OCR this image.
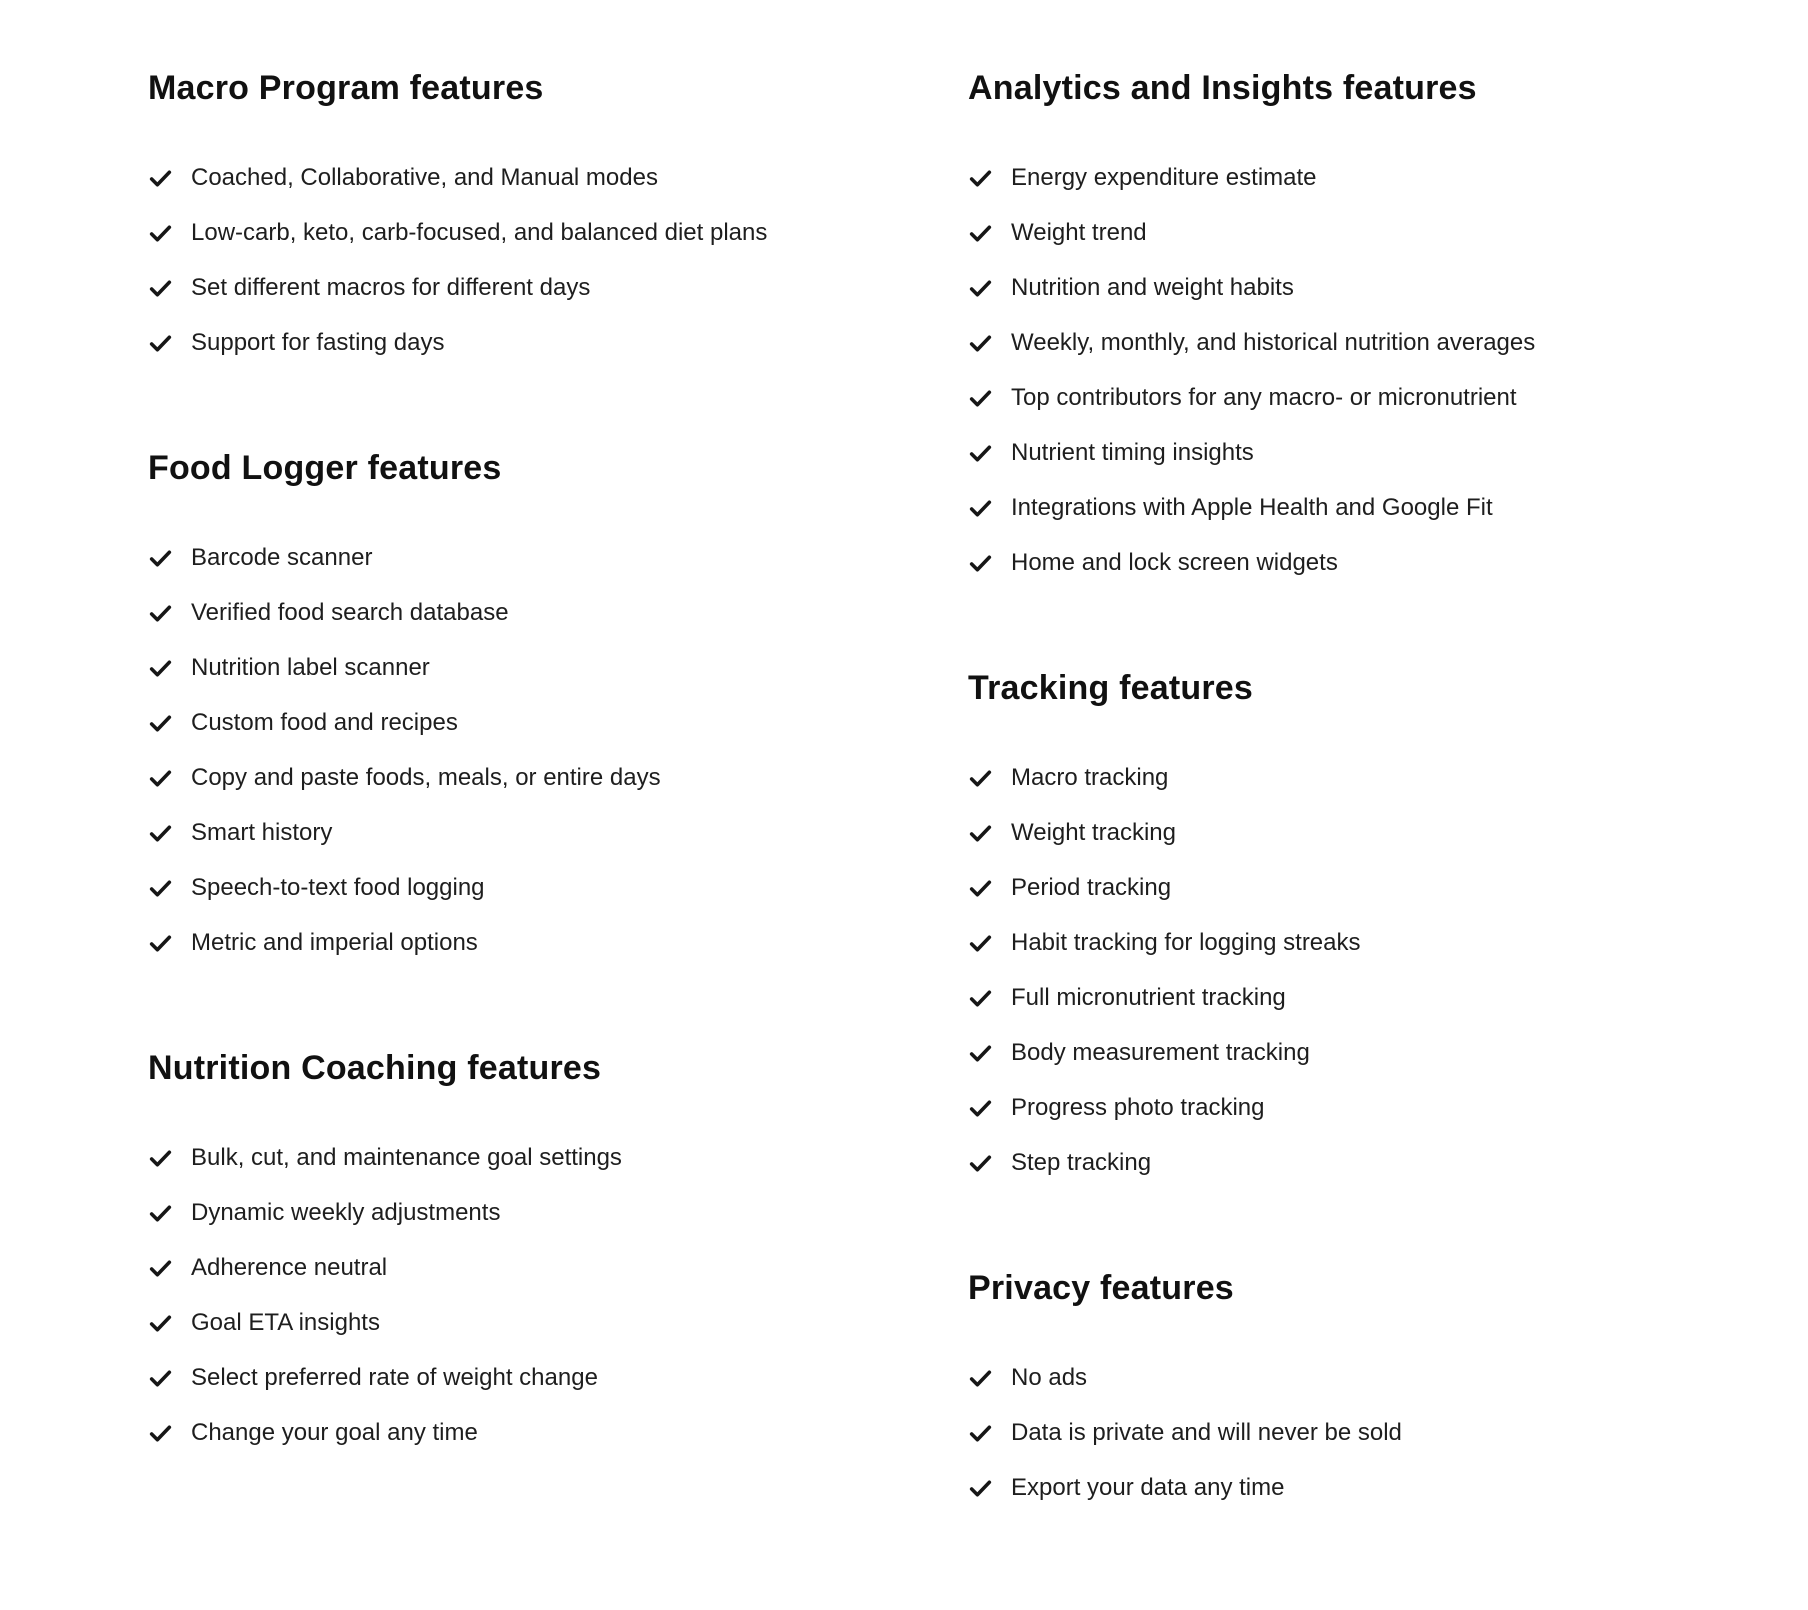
Macro Program features
Coached, Collaborative, and Manual modes
Low-carb, keto, carb-focused, and balanced diet plans
Set different macros for different days
Support for fasting days
Food Logger features
Barcode scanner
Verified food search database
Nutrition label scanner
Custom food and recipes
Copy and paste foods, meals, or entire days
Smart history
Speech-to-text food logging
Metric and imperial options
Nutrition Coaching features
Bulk, cut, and maintenance goal settings
Dynamic weekly adjustments
Adherence neutral
Goal ETA insights
Select preferred rate of weight change
Change your goal any time
Analytics and Insights features
Energy expenditure estimate
Weight trend
Nutrition and weight habits
Weekly, monthly, and historical nutrition averages
Top contributors for any macro- or micronutrient
Nutrient timing insights
Integrations with Apple Health and Google Fit
Home and lock screen widgets
Tracking features
Macro tracking
Weight tracking
Period tracking
Habit tracking for logging streaks
Full micronutrient tracking
Body measurement tracking
Progress photo tracking
Step tracking
Privacy features
No ads
Data is private and will never be sold
Export your data any time
